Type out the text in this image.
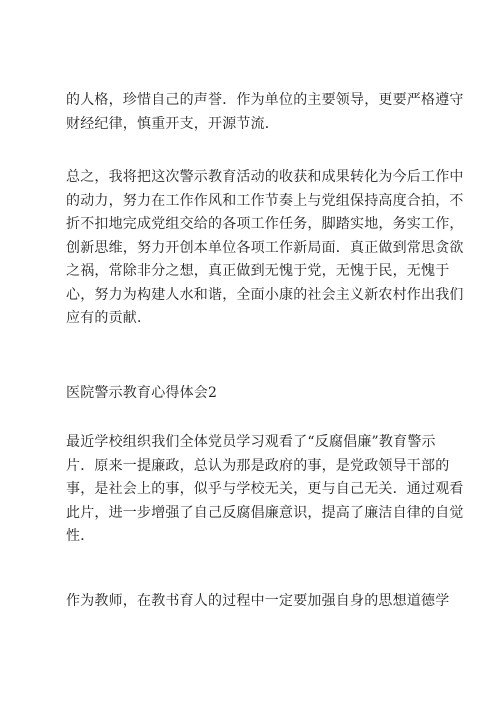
的人格，珍惜自己的声誉．作为单位的主要领导，更要严格遵守
财经纪律，慎重开支，开源节流．

总之，我将把这次警示教育活动的收获和成果转化为今后工作中
的动力，努力在工作作风和工作节奏上与党组保持高度合拍，不
折不扣地完成党组交给的各项工作任务，脚踏实地，务实工作，
创新思维，努力开创本单位各项工作新局面．真正做到常思贪欲
之祸，常除非分之想，真正做到无愧于党，无愧于民，无愧于
心，努力为构建人水和谐，全面小康的社会主义新农村作出我们
应有的贡献．

医院警示教育心得体会2

最近学校组织我们全体党员学习观看了“反腐倡廉”教育警示
片．原来一提廉政，总认为那是政府的事，是党政领导干部的
事，是社会上的事，似乎与学校无关，更与自己无关．通过观看
此片，进一步增强了自己反腐倡廉意识，提高了廉洁自律的自觉
性．

作为教师，在教书育人的过程中一定要加强自身的思想道德学
